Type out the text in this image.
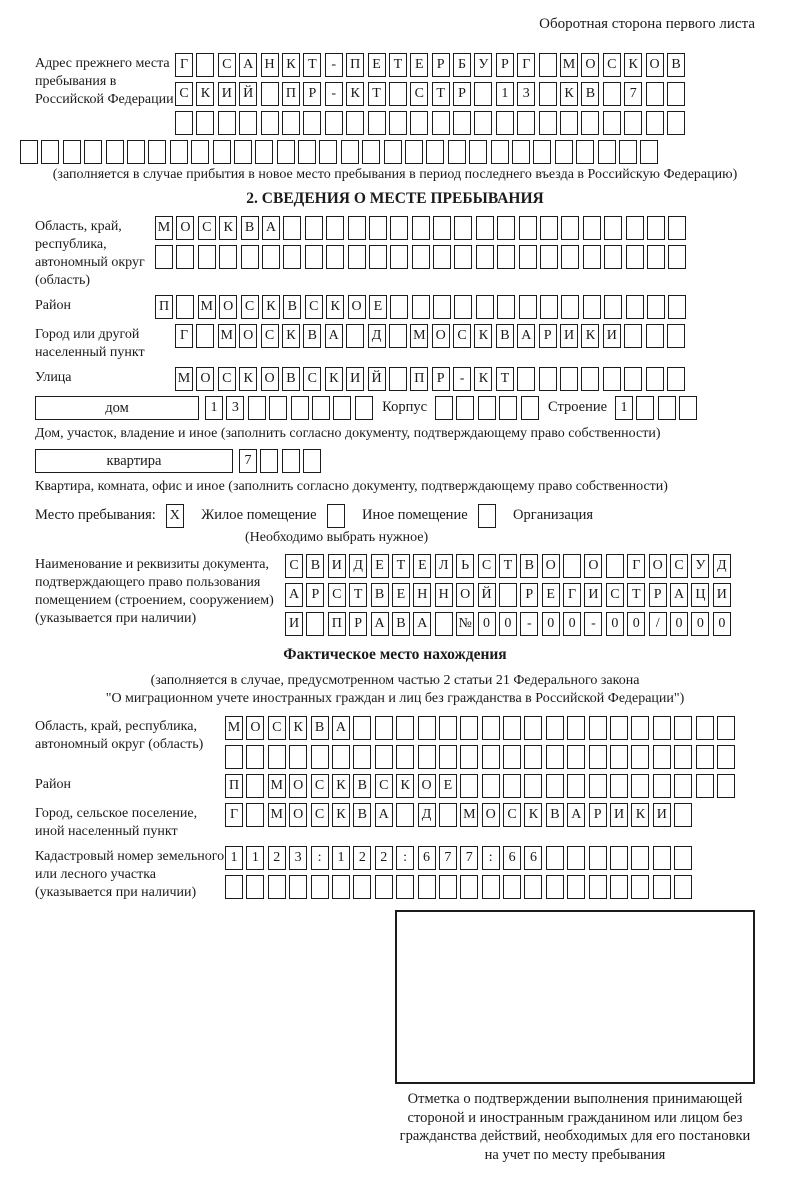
Оборотная сторона первого листа
Адрес прежнего места пребывания в Российской Федерации
Г	С А Н К Т	-	П Е Т Е Р Б У Р Г	М О С К О В
С К И Й П Р	-	К Т	С Т Р	1	3	К В	7
(заполняется в случае прибытия в новое место пребывания в период последнего въезда в Российскую Федерацию)
2. СВЕДЕНИЯ О МЕСТЕ ПРЕБЫВАНИЯ
Область, край, республика, автономный округ (область)
М О С К В А
Район	П М О С К В С К О Е
Город или другой населенный пункт
Г	М О С К В А	Д	М О С К В А Р И К И
Улица	М О С К О В С К И Й П Р	-	К Т
дом	1	3	Корпус	Строение 1
Дом, участок, владение и иное (заполнить согласно документу, подтверждающему право собственности)
квартира	7
Квартира, комната, офис и иное (заполнить согласно документу, подтверждающему право собственности)
Место пребывания: X Жилое помещение	Иное помещение	Организация
(Необходимо выбрать нужное)
Наименование и реквизиты документа, подтверждающего право пользования помещением (строением, сооружением) (указывается при наличии)
С В И Д Е Т Е Л Ь С Т В О О	Г О С У Д
А Р С Т В Е Н Н О Й	Р Е Г И С Т Р А Ц И
И П Р А В А № 0	0	-	0	0	-	0	0	/	0	0	0
Фактическое место нахождения
(заполняется в случае, предусмотренном частью 2 статьи 21 Федерального закона
"О миграционном учете иностранных граждан и лиц без гражданства в Российской Федерации")
Область, край, республика, автономный округ (область)
М О С К В А
Район	П М О С К В С К О Е
Город, сельское поселение, иной населенный пункт
Г	М О С К В А	Д	М О С К В А Р И К И
Кадастровый номер земельного или лесного участка (указывается при наличии)
1	1	2	3	:	1	2	2	:	6	7	7	:	6	6
Отметка о подтверждении выполнения принимающей стороной и иностранным гражданином или лицом без гражданства действий, необходимых для его постановки на учет по месту пребывания
